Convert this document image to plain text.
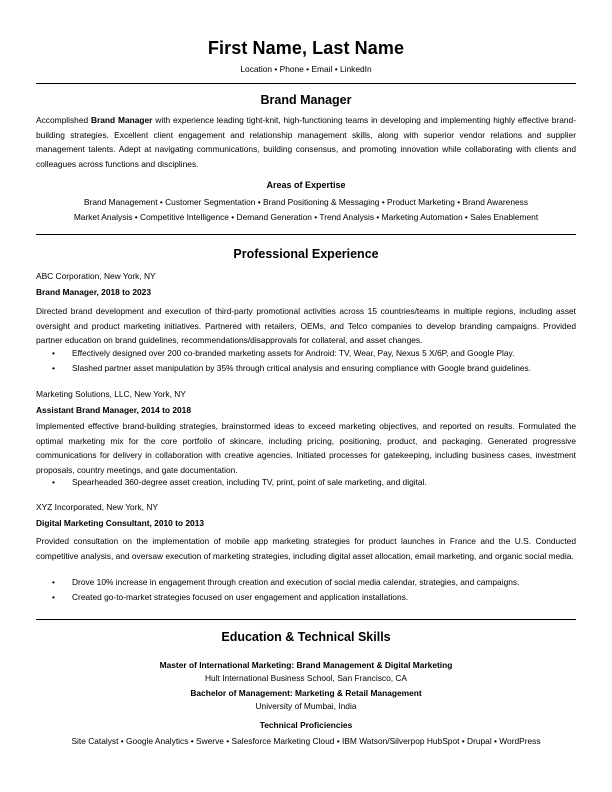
First Name, Last Name
Location • Phone • Email • LinkedIn
Brand Manager
Accomplished Brand Manager with experience leading tight-knit, high-functioning teams in developing and implementing highly effective brand-building strategies. Excellent client engagement and relationship management skills, along with superior vendor relations and supplier management talents. Adept at navigating communications, building consensus, and promoting innovation while collaborating with clients and colleagues across functions and disciplines.
Areas of Expertise
Brand Management • Customer Segmentation • Brand Positioning & Messaging • Product Marketing • Brand Awareness
Market Analysis • Competitive Intelligence • Demand Generation • Trend Analysis • Marketing Automation • Sales Enablement
Professional Experience
ABC Corporation, New York, NY
Brand Manager, 2018 to 2023
Directed brand development and execution of third-party promotional activities across 15 countries/teams in multiple regions, including asset oversight and product marketing initiatives. Partnered with retailers, OEMs, and Telco companies to develop branding campaigns. Provided partner education on brand guidelines, recommendations/disapprovals for collateral, and asset changes.
• Effectively designed over 200 co-branded marketing assets for Android: TV, Wear, Pay, Nexus 5 X/6P, and Google Play.
• Slashed partner asset manipulation by 35% through critical analysis and ensuring compliance with Google brand guidelines.
Marketing Solutions, LLC, New York, NY
Assistant Brand Manager, 2014 to 2018
Implemented effective brand-building strategies, brainstormed ideas to exceed marketing objectives, and reported on results. Formulated the optimal marketing mix for the core portfolio of skincare, including pricing, positioning, product, and packaging. Generated progressive communications for delivery in collaboration with creative agencies. Initiated processes for gatekeeping, including business cases, investment proposals, country meetings, and gate documentation.
• Spearheaded 360-degree asset creation, including TV, print, point of sale marketing, and digital.
XYZ Incorporated, New York, NY
Digital Marketing Consultant, 2010 to 2013
Provided consultation on the implementation of mobile app marketing strategies for product launches in France and the U.S. Conducted competitive analysis, and oversaw execution of marketing strategies, including digital asset allocation, email marketing, and organic social media.
• Drove 10% increase in engagement through creation and execution of social media calendar, strategies, and campaigns.
• Created go-to-market strategies focused on user engagement and application installations.
Education & Technical Skills
Master of International Marketing: Brand Management & Digital Marketing
Hult International Business School, San Francisco, CA
Bachelor of Management: Marketing & Retail Management
University of Mumbai, India
Technical Proficiencies
Site Catalyst • Google Analytics • Swerve • Salesforce Marketing Cloud • IBM Watson/Silverpop HubSpot • Drupal • WordPress
